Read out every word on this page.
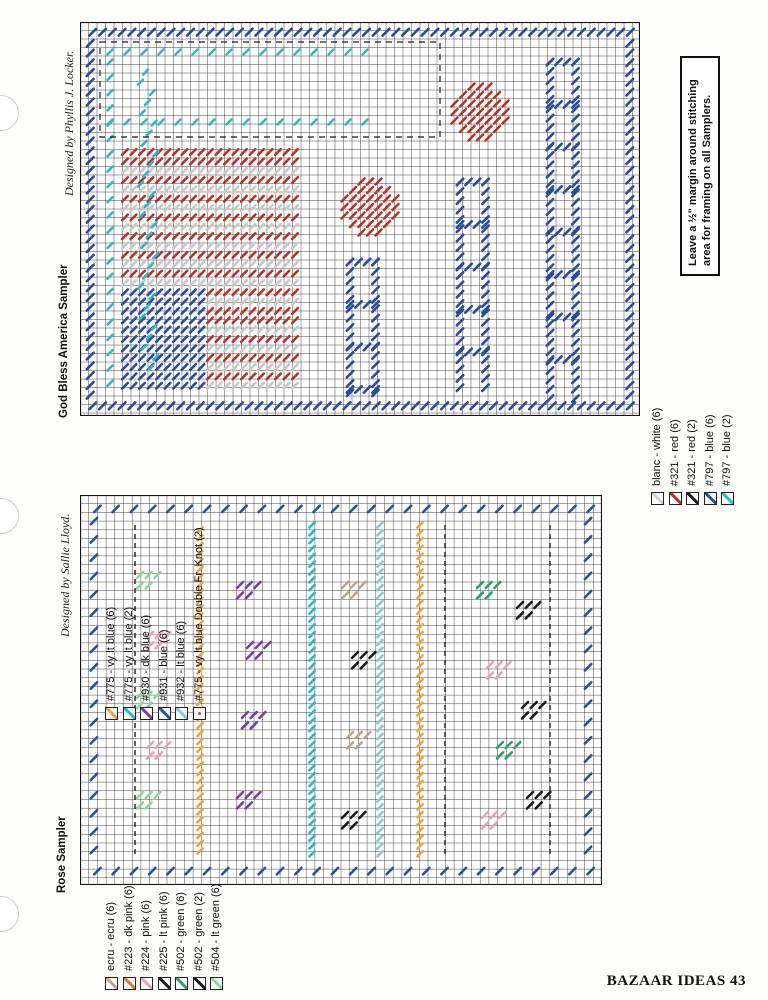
Rose Sampler
Designed by Sallie Lloyd.
ecru - ecru (6) #223 - dk pink (6) #224 - pink (6) #225 - lt pink (6) #502 - green (6) #502 - green (2) #504 - lt green (6)
#775 - vy lt blue (6) #775 - vy lt blue (2) #930 - dk blue (6) #931 - blue (6) #932 - lt blue (6) #775 - vy lt blue Double Fr. Knot (2)
God Bless America Sampler
Designed by Phyllis J. Locker.
blanc - white (6) #321 - red (6) #321 - red (2) #797 - blue (6) #797 - blue (2)
Leave a ½" margin around stitching area for framing on all Samplers.
BAZAAR IDEAS 43
